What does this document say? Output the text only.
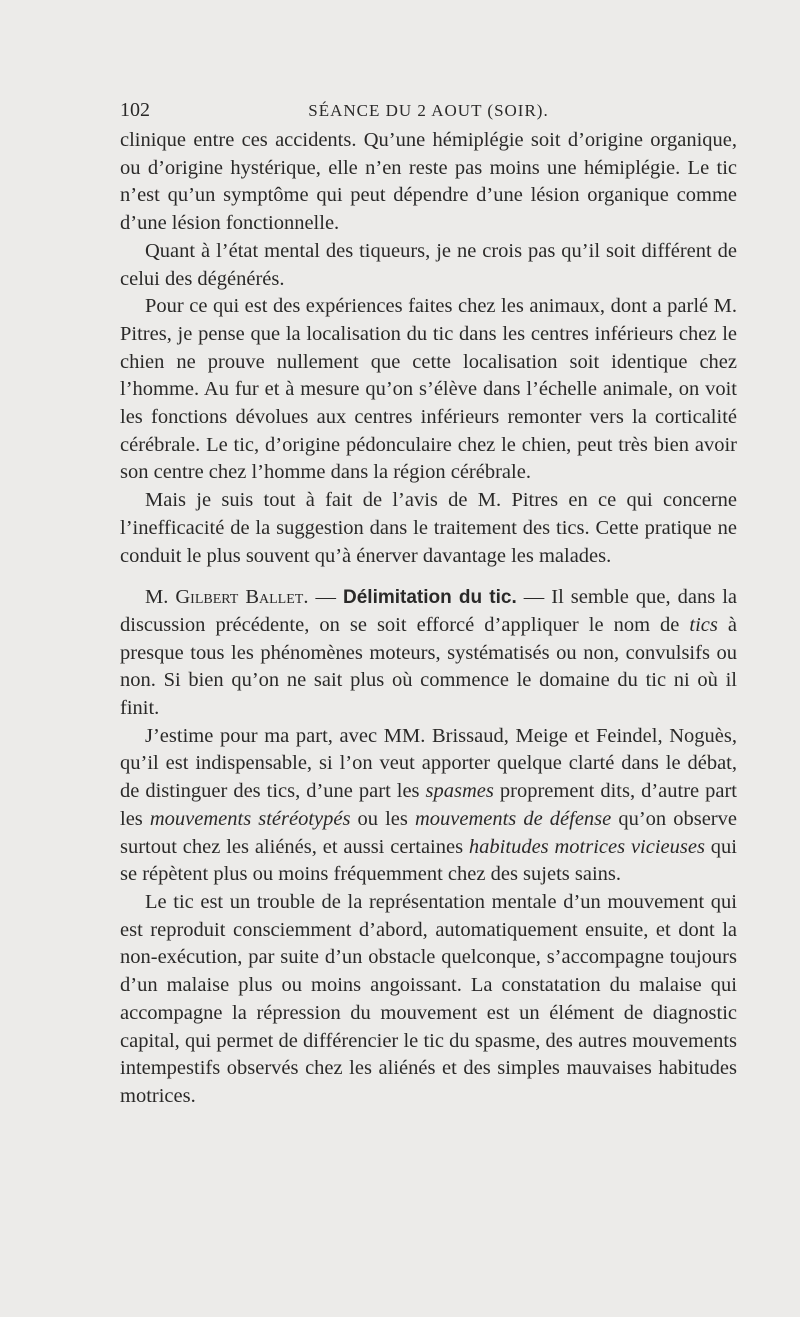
102	SÉANCE DU 2 AOUT (SOIR).

clinique entre ces accidents. Qu’une hémiplégie soit d’origine organique, ou d’origine hystérique, elle n’en reste pas moins une hémiplégie. Le tic n’est qu’un symptôme qui peut dépendre d’une lésion organique comme d’une lésion fonctionnelle.

Quant à l’état mental des tiqueurs, je ne crois pas qu’il soit différent de celui des dégénérés.

Pour ce qui est des expériences faites chez les animaux, dont a parlé M. Pitres, je pense que la localisation du tic dans les centres inférieurs chez le chien ne prouve nullement que cette localisation soit identique chez l’homme. Au fur et à mesure qu’on s’élève dans l’échelle animale, on voit les fonctions dévolues aux centres inférieurs remonter vers la corticalité cérébrale. Le tic, d’origine pédonculaire chez le chien, peut très bien avoir son centre chez l’homme dans la région cérébrale.

Mais je suis tout à fait de l’avis de M. Pitres en ce qui concerne l’inefficacité de la suggestion dans le traitement des tics. Cette pratique ne conduit le plus souvent qu’à énerver davantage les malades.

M. Gilbert Ballet. — Délimitation du tic. — Il semble que, dans la discussion précédente, on se soit efforcé d’appliquer le nom de tics à presque tous les phénomènes moteurs, systématisés ou non, convulsifs ou non. Si bien qu’on ne sait plus où commence le domaine du tic ni où il finit.

J’estime pour ma part, avec MM. Brissaud, Meige et Feindel, Noguès, qu’il est indispensable, si l’on veut apporter quelque clarté dans le débat, de distinguer des tics, d’une part les spasmes proprement dits, d’autre part les mouvements stéréotypés ou les mouvements de défense qu’on observe surtout chez les aliénés, et aussi certaines habitudes motrices vicieuses qui se répètent plus ou moins fréquemment chez des sujets sains.

Le tic est un trouble de la représentation mentale d’un mouvement qui est reproduit consciemment d’abord, automatiquement ensuite, et dont la non-exécution, par suite d’un obstacle quelconque, s’accompagne toujours d’un malaise plus ou moins angoissant. La constatation du malaise qui accompagne la répression du mouvement est un élément de diagnostic capital, qui permet de différencier le tic du spasme, des autres mouvements intempestifs observés chez les aliénés et des simples mauvaises habitudes motrices.
